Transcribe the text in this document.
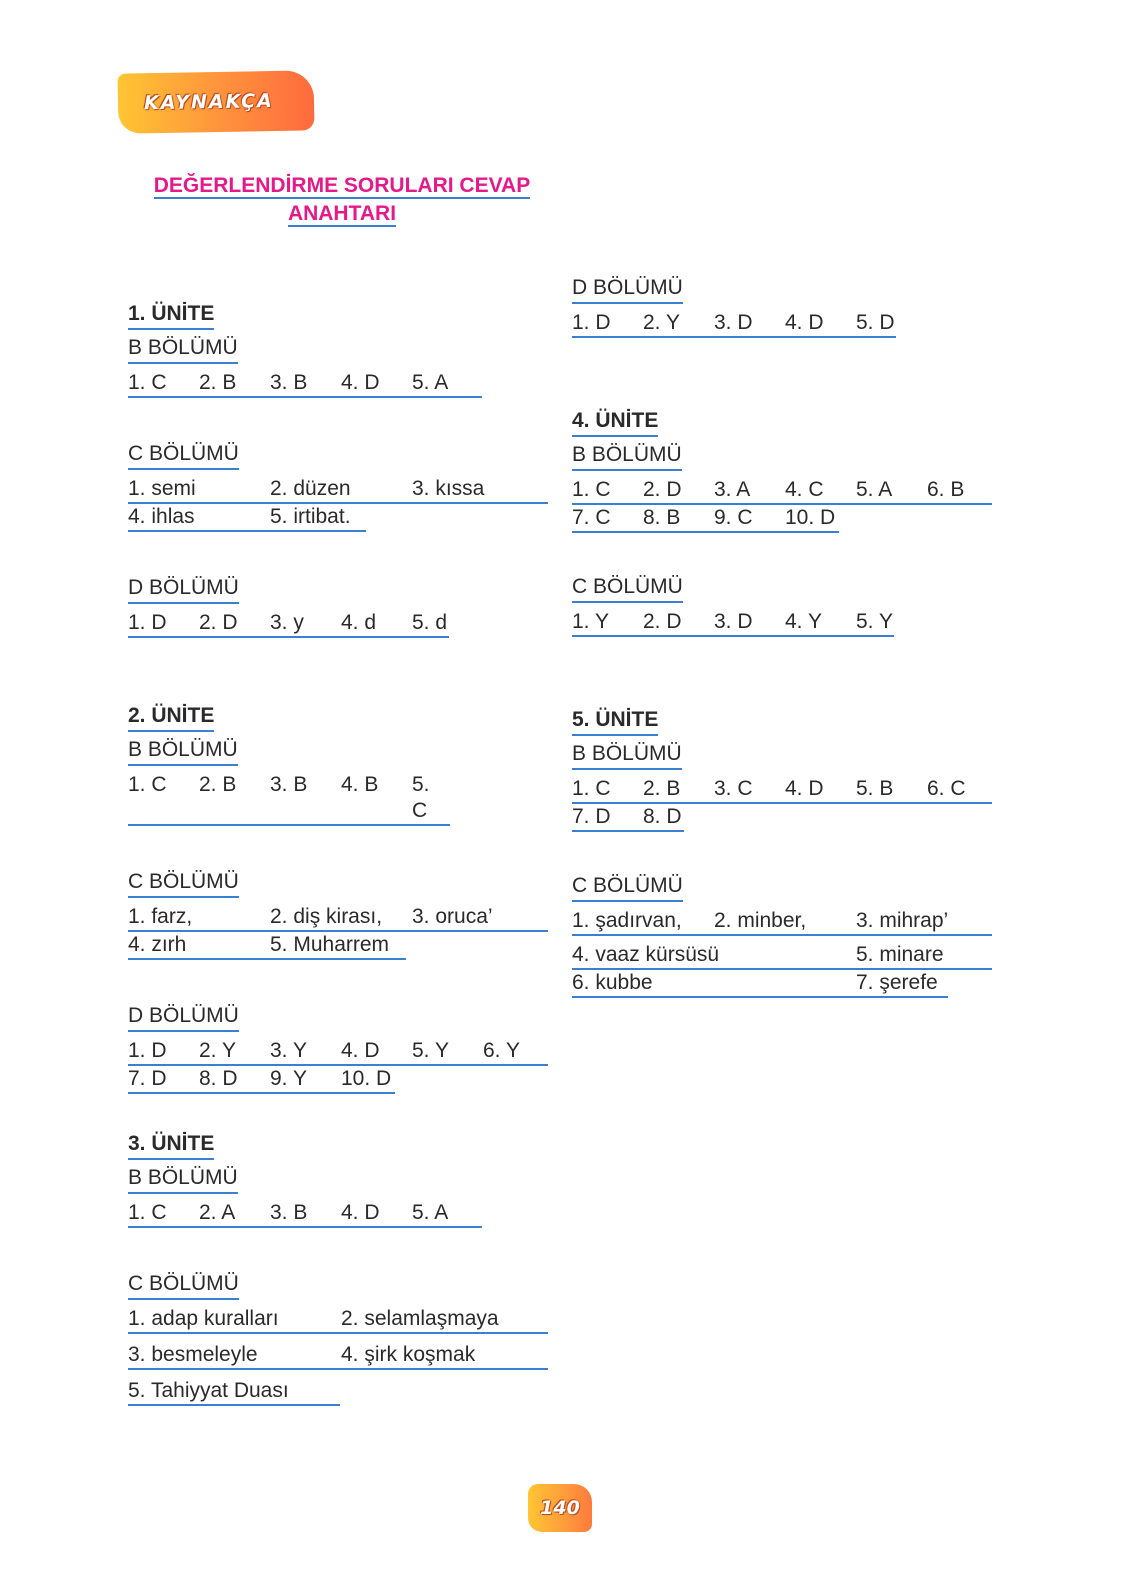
KAYNAKÇA
DEĞERLENDİRME SORULARI CEVAP
ANAHTARI
1. ÜNİTE
B BÖLÜMÜ
1. C	2. B	3. B	4. D	5. A
C BÖLÜMÜ
1. semi	2. düzen	3. kıssa
4. ihlas	5. irtibat.
D BÖLÜMÜ
1. D	2. D	3. y	4. d	5. d
2. ÜNİTE
B BÖLÜMÜ
1. C	2. B	3. B	4. B	5. C
C BÖLÜMÜ
1. farz,	2. diş kirası,	3. oruca’
4. zırh	5. Muharrem
D BÖLÜMÜ
1. D	2. Y	3. Y	4. D	5. Y	6. Y
7. D	8. D	9. Y	10. D
3. ÜNİTE
B BÖLÜMÜ
1. C	2. A	3. B	4. D	5. A
C BÖLÜMÜ
1. adap kuralları	2. selamlaşmaya
3. besmeleyle	4. şirk koşmak
5. Tahiyyat Duası
D BÖLÜMÜ
1. D	2. Y	3. D	4. D	5. D
4. ÜNİTE
B BÖLÜMÜ
1. C	2. D	3. A	4. C	5. A	6. B
7. C	8. B	9. C	10. D
C BÖLÜMÜ
1. Y	2. D	3. D	4. Y	5. Y
5. ÜNİTE
B BÖLÜMÜ
1. C	2. B	3. C	4. D	5. B	6. C
7. D	8. D
C BÖLÜMÜ
1. şadırvan,	2. minber,	3. mihrap’
4. vaaz kürsüsü	5. minare
6. kubbe	7. şerefe
140
